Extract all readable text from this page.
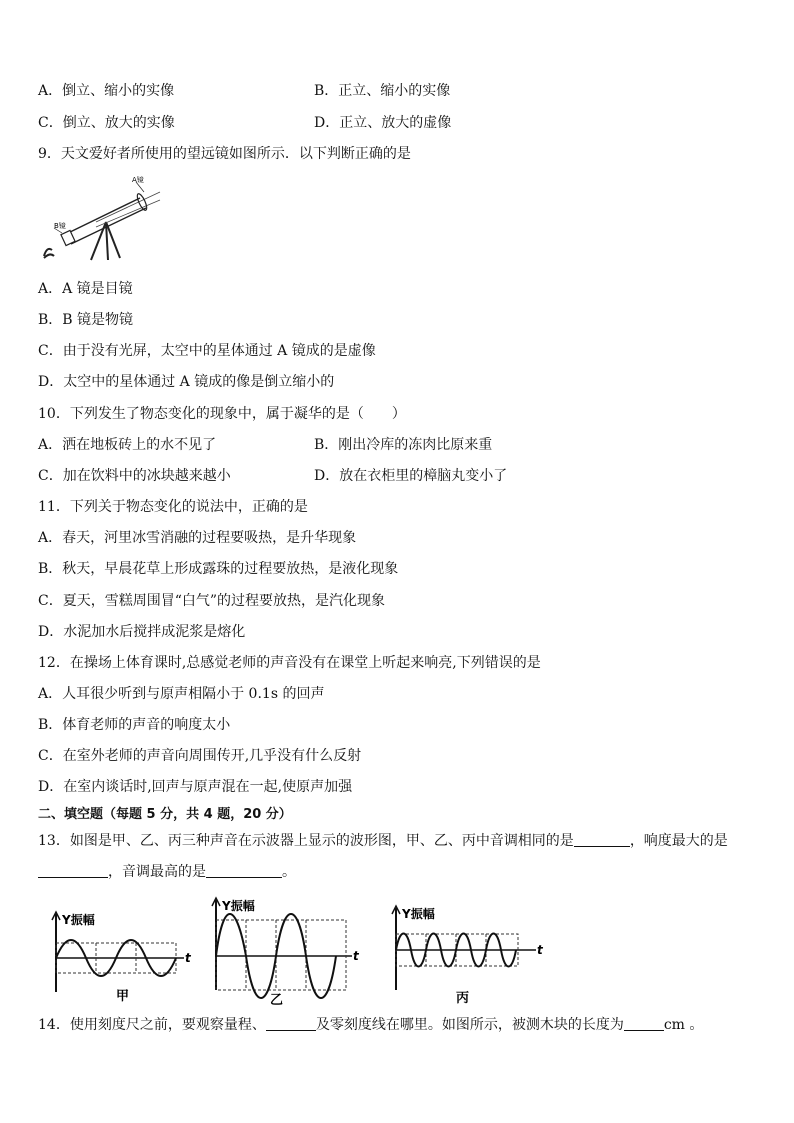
A．倒立、缩小的实像	B．正立、缩小的实像
C．倒立、放大的实像	D．正立、放大的虚像
9．天文爱好者所使用的望远镜如图所示．以下判断正确的是
A镜
B镜
A．A 镜是目镜
B．B 镜是物镜
C．由于没有光屏，太空中的星体通过 A 镜成的是虚像
D．太空中的星体通过 A 镜成的像是倒立缩小的
10．下列发生了物态变化的现象中，属于凝华的是（　　）
A．洒在地板砖上的水不见了	B．刚出冷库的冻肉比原来重
C．加在饮料中的冰块越来越小	D．放在衣柜里的樟脑丸变小了
11．下列关于物态变化的说法中，正确的是
A．春天，河里冰雪消融的过程要吸热，是升华现象
B．秋天，早晨花草上形成露珠的过程要放热，是液化现象
C．夏天，雪糕周围冒“白气”的过程要放热，是汽化现象
D．水泥加水后搅拌成泥浆是熔化
12．在操场上体育课时,总感觉老师的声音没有在课堂上听起来响亮,下列错误的是
A．人耳很少听到与原声相隔小于 0.1s 的回声
B．体育老师的声音的响度太小
C．在室外老师的声音向周围传开,几乎没有什么反射
D．在室内谈话时,回声与原声混在一起,使原声加强
二、填空题（每题 5 分，共 4 题，20 分）
13．如图是甲、乙、丙三种声音在示波器上显示的波形图，甲、乙、丙中音调相同的是	，响度最大的是
，音调最高的是	。
Y振幅
t
甲
Y振幅
t
乙
Y振幅
t
丙
14．使用刻度尺之前，要观察量程、	及零刻度线在哪里。如图所示，被测木块的长度为	cm 。
